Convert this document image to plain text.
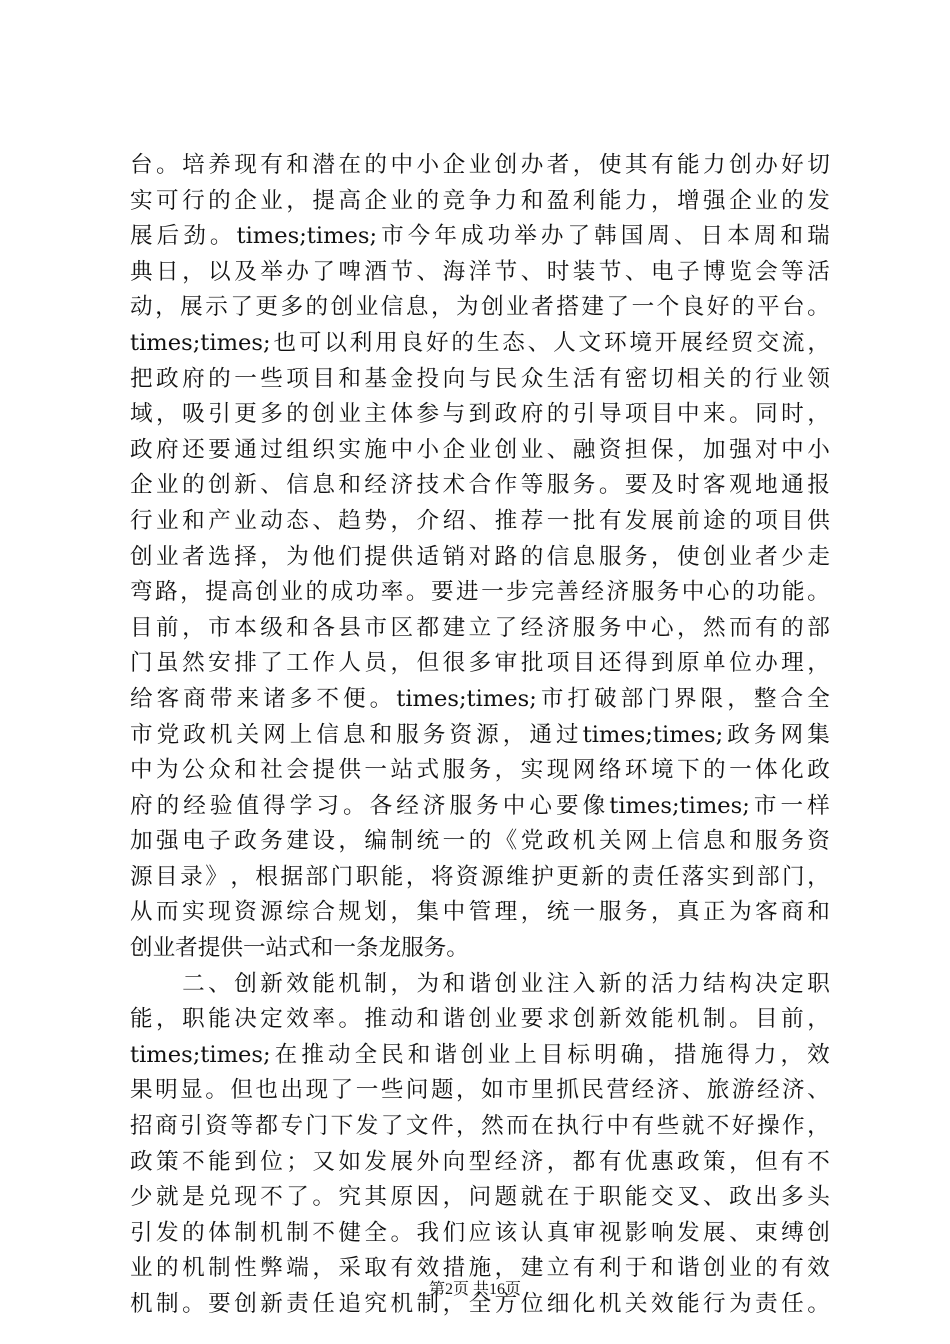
台 。 培 养 现 有 和 潜 在 的 中 小 企 业 创 办 者 ， 使 其 有 能 力 创 办 好 切
实 可 行 的 企 业 ， 提 高 企 业 的 竞 争 力 和 盈 利 能 力 ， 增 强 企 业 的 发
展 后 劲 。 times;times; 市 今 年 成 功 举 办 了 韩 国 周 、 日 本 周 和 瑞
典 日 ， 以 及 举 办 了 啤 酒 节 、 海 洋 节 、 时 装 节 、 电 子 博 览 会 等 活
动 ， 展 示 了 更 多 的 创 业 信 息 ， 为 创 业 者 搭 建 了 一 个 良 好 的 平 台 。
times;times; 也 可 以 利 用 良 好 的 生 态 、 人 文 环 境 开 展 经 贸 交 流 ，
把 政 府 的 一 些 项 目 和 基 金 投 向 与 民 众 生 活 有 密 切 相 关 的 行 业 领
域 ， 吸 引 更 多 的 创 业 主 体 参 与 到 政 府 的 引 导 项 目 中 来 。 同 时 ，
政 府 还 要 通 过 组 织 实 施 中 小 企 业 创 业 、 融 资 担 保 ， 加 强 对 中 小
企 业 的 创 新 、 信 息 和 经 济 技 术 合 作 等 服 务 。 要 及 时 客 观 地 通 报
行 业 和 产 业 动 态 、 趋 势 ， 介 绍 、 推 荐 一 批 有 发 展 前 途 的 项 目 供
创 业 者 选 择 ， 为 他 们 提 供 适 销 对 路 的 信 息 服 务 ， 使 创 业 者 少 走
弯 路 ， 提 高 创 业 的 成 功 率 。 要 进 一 步 完 善 经 济 服 务 中 心 的 功 能 。
目 前 ， 市 本 级 和 各 县 市 区 都 建 立 了 经 济 服 务 中 心 ， 然 而 有 的 部
门 虽 然 安 排 了 工 作 人 员 ， 但 很 多 审 批 项 目 还 得 到 原 单 位 办 理 ，
给 客 商 带 来 诸 多 不 便 。 times;times; 市 打 破 部 门 界 限 ， 整 合 全
市 党 政 机 关 网 上 信 息 和 服 务 资 源 ， 通 过 times;times; 政 务 网 集
中 为 公 众 和 社 会 提 供 一 站 式 服 务 ， 实 现 网 络 环 境 下 的 一 体 化 政
府 的 经 验 值 得 学 习 。 各 经 济 服 务 中 心 要 像 times;times; 市 一 样
加 强 电 子 政 务 建 设 ， 编 制 统 一 的 《 党 政 机 关 网 上 信 息 和 服 务 资
源 目 录 》 ， 根 据 部 门 职 能 ， 将 资 源 维 护 更 新 的 责 任 落 实 到 部 门 ，
从 而 实 现 资 源 综 合 规 划 ， 集 中 管 理 ， 统 一 服 务 ， 真 正 为 客 商 和
创业者提供一站式和一条龙服务。

二 、 创 新 效 能 机 制 ， 为 和 谐 创 业 注 入 新 的 活 力 结 构 决 定 职
能 ， 职 能 决 定 效 率 。 推 动 和 谐 创 业 要 求 创 新 效 能 机 制 。 目 前 ，
times;times; 在 推 动 全 民 和 谐 创 业 上 目 标 明 确 ， 措 施 得 力 ， 效
果 明 显 。 但 也 出 现 了 一 些 问 题 ， 如 市 里 抓 民 营 经 济 、 旅 游 经 济 、
招 商 引 资 等 都 专 门 下 发 了 文 件 ， 然 而 在 执 行 中 有 些 就 不 好 操 作 ，
政 策 不 能 到 位 ； 又 如 发 展 外 向 型 经 济 ， 都 有 优 惠 政 策 ， 但 有 不
少 就 是 兑 现 不 了 。 究 其 原 因 ， 问 题 就 在 于 职 能 交 叉 、 政 出 多 头
引 发 的 体 制 机 制 不 健 全 。 我 们 应 该 认 真 审 视 影 响 发 展 、 束 缚 创
业 的 机 制 性 弊 端 ， 采 取 有 效 措 施 ， 建 立 有 利 于 和 谐 创 业 的 有 效
机 制 。 要 创 新 责 任 追 究 机 制 ， 全 方 位 细 化 机 关 效 能 行 为 责 任 。
第2页 共16页
